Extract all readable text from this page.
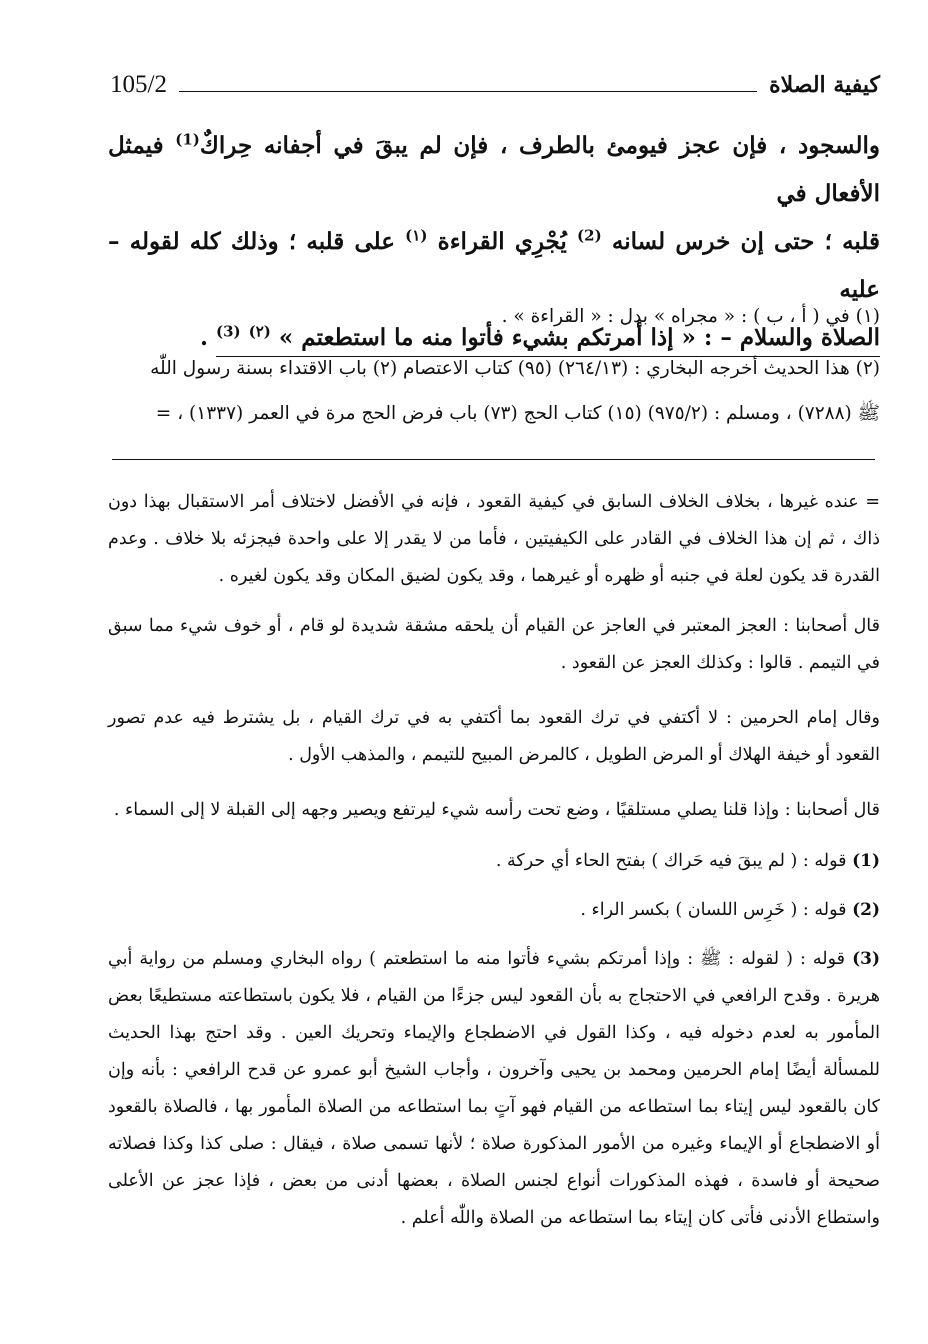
105/2	كيفية الصلاة
والسجود ، فإن عجز فيومئ بالطرف ، فإن لم يبقَ في أجفانه حِراكٌ$^{(1)}$ فيمثل الأفعال في
قلبه ؛ حتى إن خرس لسانه $^{(2)}$ يُجْرِي القراءة $^{(١)}$ على قلبه ؛ وذلك كله لقوله – عليه
الصلاة والسلام – : « إذا أمرتكم بشيء فأتوا منه ما استطعتم » $^{(٢)}$ $^{(3)}$ .
(١) في ( أ ، ب ) : « مجراه » بدل : « القراءة » .
(٢) هذا الحديث أخرجه البخاري : (٢٦٤/١٣) (٩٥) كتاب الاعتصام (٢) باب الاقتداء بسنة رسول اللّٰه
ﷺ (٧٢٨٨) ، ومسلم : (٩٧٥/٢) (١٥) كتاب الحج (٧٣) باب فرض الحج مرة في العمر (١٣٣٧) ، =
= عنده غيرها ، بخلاف الخلاف السابق في كيفية القعود ، فإنه في الأفضل لاختلاف أمر الاستقبال بهذا دون ذاك ، ثم إن هذا الخلاف في القادر على الكيفيتين ، فأما من لا يقدر إلا على واحدة فيجزئه بلا خلاف . وعدم القدرة قد يكون لعلة في جنبه أو ظهره أو غيرهما ، وقد يكون لضيق المكان وقد يكون لغيره .
قال أصحابنا : العجز المعتبر في العاجز عن القيام أن يلحقه مشقة شديدة لو قام ، أو خوف شيء مما سبق في التيمم . قالوا : وكذلك العجز عن القعود .
وقال إمام الحرمين : لا أكتفي في ترك القعود بما أكتفي به في ترك القيام ، بل يشترط فيه عدم تصور القعود أو خيفة الهلاك أو المرض الطويل ، كالمرض المبيح للتيمم ، والمذهب الأول .
قال أصحابنا : وإذا قلنا يصلي مستلقيًا ، وضع تحت رأسه شيء ليرتفع ويصير وجهه إلى القبلة لا إلى السماء .
(1) قوله : ( لم يبقَ فيه حَراك ) بفتح الحاء أي حركة .
(2) قوله : ( خَرِس اللسان ) بكسر الراء .
(3) قوله : ( لقوله : ﷺ : وإذا أمرتكم بشيء فأتوا منه ما استطعتم ) رواه البخاري ومسلم من رواية أبي هريرة . وقدح الرافعي في الاحتجاج به بأن القعود ليس جزءًا من القيام ، فلا يكون باستطاعته مستطيعًا بعض المأمور به لعدم دخوله فيه ، وكذا القول في الاضطجاع والإيماء وتحريك العين . وقد احتج بهذا الحديث للمسألة أيضًا إمام الحرمين ومحمد بن يحيى وآخرون ، وأجاب الشيخ أبو عمرو عن قدح الرافعي : بأنه وإن كان بالقعود ليس إيتاء بما استطاعه من القيام فهو آتٍ بما استطاعه من الصلاة المأمور بها ، فالصلاة بالقعود أو الاضطجاع أو الإيماء وغيره من الأمور المذكورة صلاة ؛ لأنها تسمى صلاة ، فيقال : صلى كذا وكذا فصلاته صحيحة أو فاسدة ، فهذه المذكورات أنواع لجنس الصلاة ، بعضها أدنى من بعض ، فإذا عجز عن الأعلى واستطاع الأدنى فأتى كان إيتاء بما استطاعه من الصلاة واللّٰه أعلم .
